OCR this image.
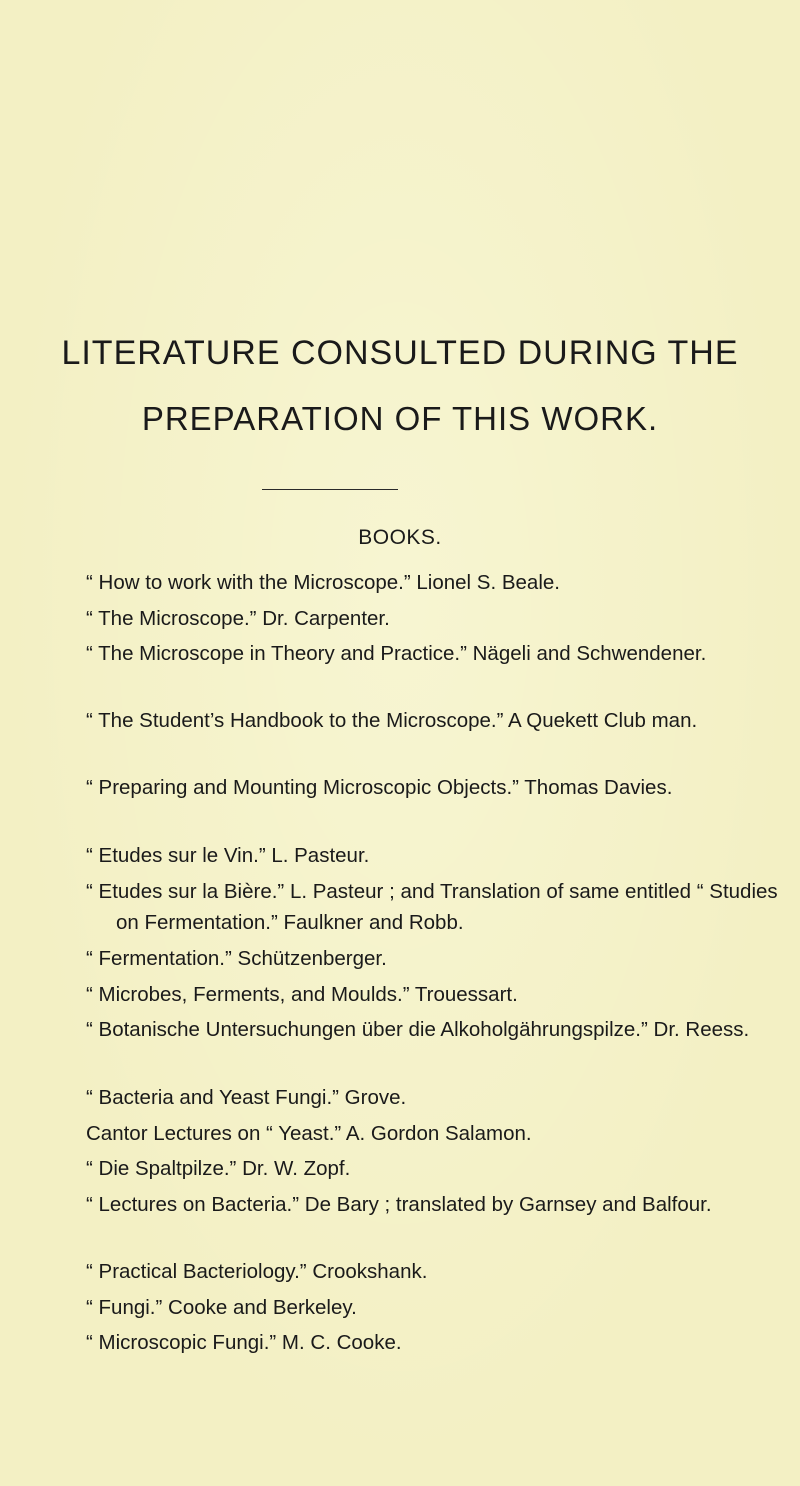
LITERATURE CONSULTED DURING THE
PREPARATION OF THIS WORK.
BOOKS.

“ How to work with the Microscope.” Lionel S. Beale.

“ The Microscope.” Dr. Carpenter.

“ The Microscope in Theory and Practice.” Nägeli and Schwendener.

“ The Student’s Handbook to the Microscope.” A Quekett Club man.

“ Preparing and Mounting Microscopic Objects.” Thomas Davies.

“ Etudes sur le Vin.” L. Pasteur.

“ Etudes sur la Bière.” L. Pasteur ; and Translation of same entitled “ Studies on Fermentation.” Faulkner and Robb.

“ Fermentation.” Schützenberger.

“ Microbes, Ferments, and Moulds.” Trouessart.

“ Botanische Untersuchungen über die Alkoholgährungspilze.” Dr. Reess.

“ Bacteria and Yeast Fungi.” Grove.

Cantor Lectures on “ Yeast.” A. Gordon Salamon.

“ Die Spaltpilze.” Dr. W. Zopf.

“ Lectures on Bacteria.” De Bary ; translated by Garnsey and Balfour.

“ Practical Bacteriology.” Crookshank.

“ Fungi.” Cooke and Berkeley.

“ Microscopic Fungi.” M. C. Cooke.
